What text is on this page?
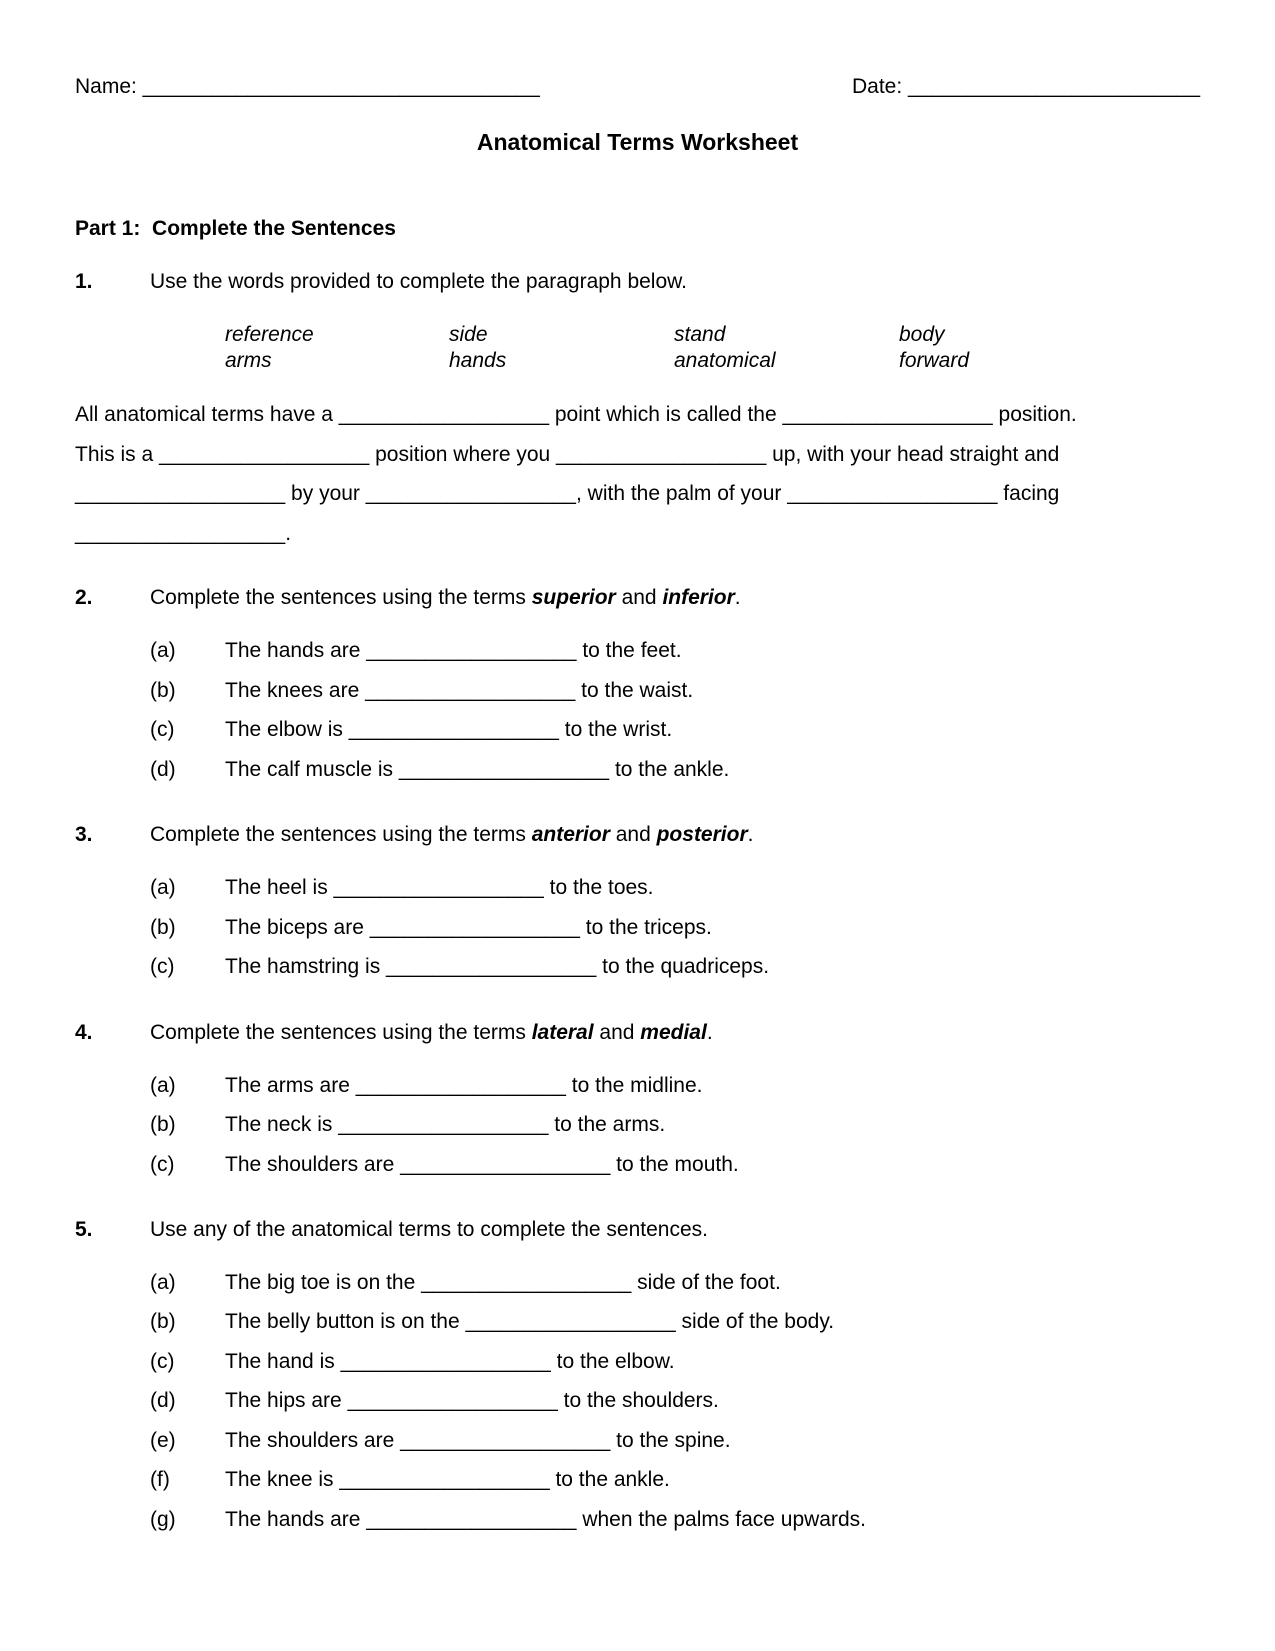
Name: __________________________________	Date: _________________________
Anatomical Terms Worksheet
Part 1:  Complete the Sentences
1.	Use the words provided to complete the paragraph below.
reference	side	stand	body
arms	hands	anatomical	forward
All anatomical terms have a __________________ point which is called the __________________ position.
This is a __________________ position where you __________________ up, with your head straight and
__________________ by your __________________, with the palm of your __________________ facing
__________________.
2.	Complete the sentences using the terms superior and inferior.
(a) The hands are __________________ to the feet.
(b) The knees are __________________ to the waist.
(c) The elbow is __________________ to the wrist.
(d) The calf muscle is __________________ to the ankle.
3.	Complete the sentences using the terms anterior and posterior.
(a) The heel is __________________ to the toes.
(b) The biceps are __________________ to the triceps.
(c) The hamstring is __________________ to the quadriceps.
4.	Complete the sentences using the terms lateral and medial.
(a) The arms are __________________ to the midline.
(b) The neck is __________________ to the arms.
(c) The shoulders are __________________ to the mouth.
5.	Use any of the anatomical terms to complete the sentences.
(a) The big toe is on the __________________ side of the foot.
(b) The belly button is on the __________________ side of the body.
(c) The hand is __________________ to the elbow.
(d) The hips are __________________ to the shoulders.
(e) The shoulders are __________________ to the spine.
(f)	The knee is __________________ to the ankle.
(g) The hands are __________________ when the palms face upwards.
